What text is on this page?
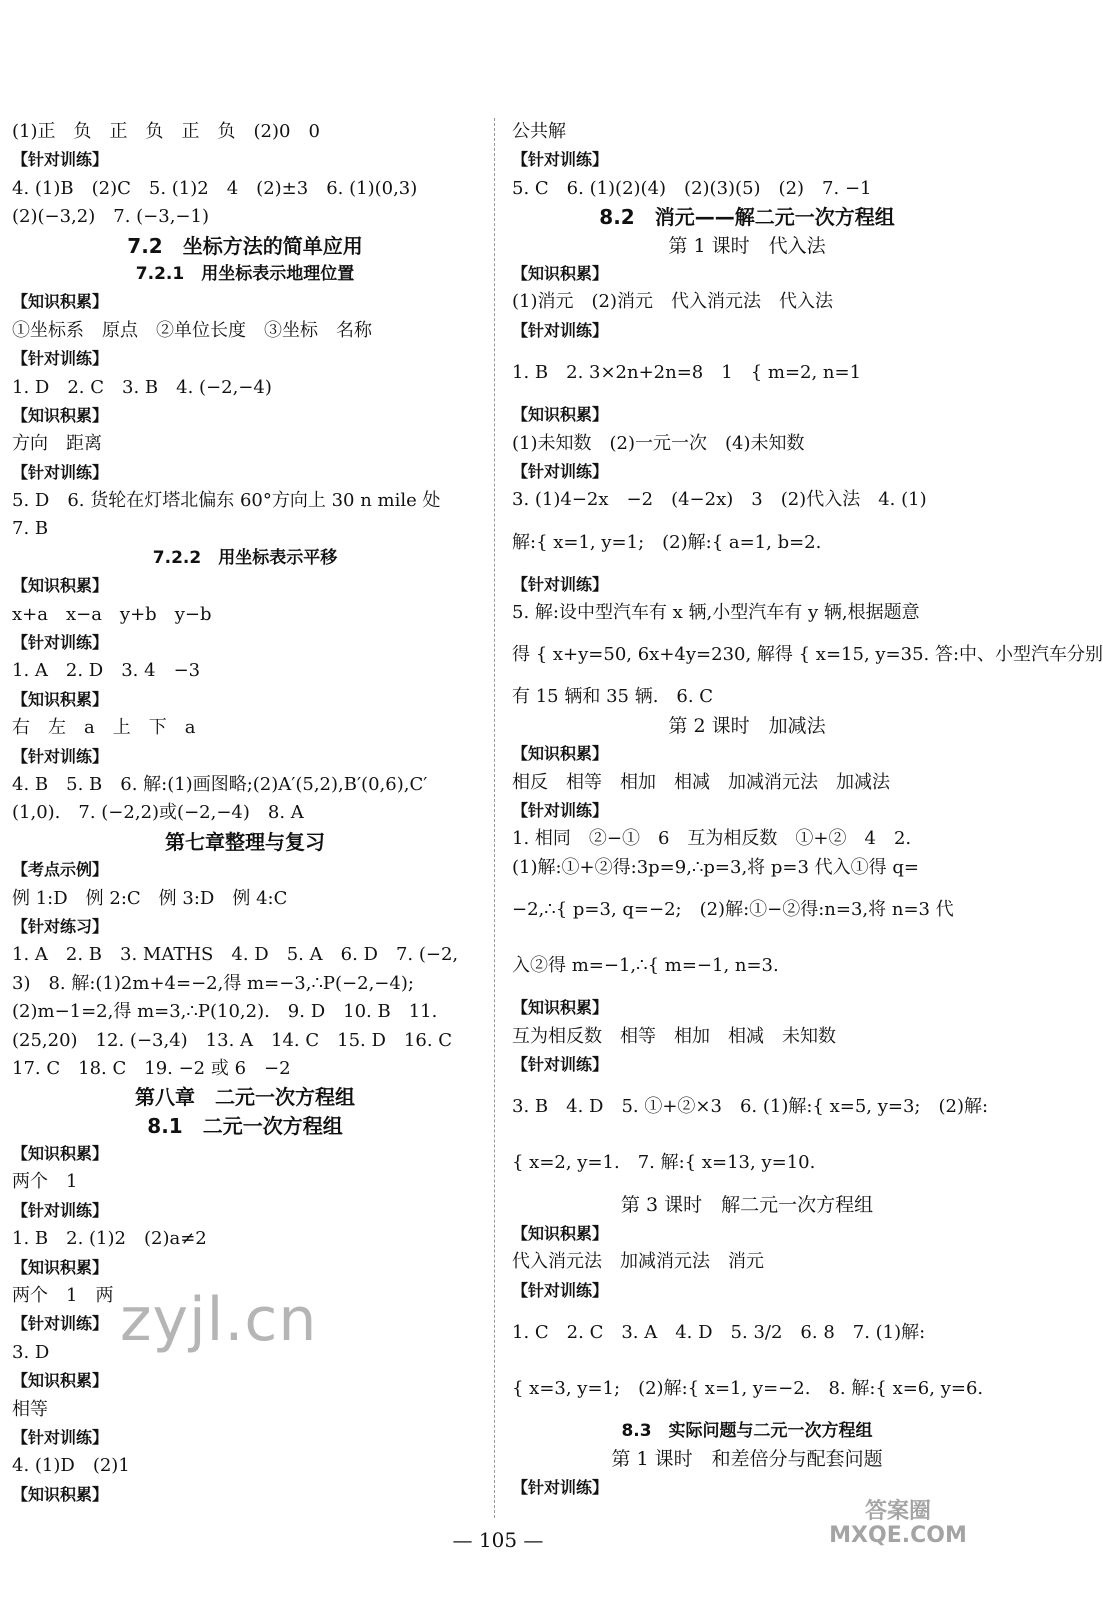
(1)正　负　正　负　正　负　(2)0　0
【针对训练】
4. (1)B　(2)C　5. (1)2　4　(2)±3　6. (1)(0,3)
(2)(−3,2)　7. (−3,−1)
7.2　坐标方法的简单应用
7.2.1　用坐标表示地理位置
【知识积累】
①坐标系　原点　②单位长度　③坐标　名称
【针对训练】
1. D　2. C　3. B　4. (−2,−4)
【知识积累】
方向　距离
【针对训练】
5. D　6. 货轮在灯塔北偏东 60°方向上 30 n mile 处
7. B
7.2.2　用坐标表示平移
【知识积累】
x+a　x−a　y+b　y−b
【针对训练】
1. A　2. D　3. 4　−3
【知识积累】
右　左　a　上　下　a
【针对训练】
4. B　5. B　6. 解:(1)画图略;(2)A′(5,2),B′(0,6),C′
(1,0).　7. (−2,2)或(−2,−4)　8. A
第七章整理与复习
【考点示例】
例 1:D　例 2:C　例 3:D　例 4:C
【针对练习】
1. A　2. B　3. MATHS　4. D　5. A　6. D　7. (−2,
3)　8. 解:(1)2m+4=−2,得 m=−3,∴P(−2,−4);
(2)m−1=2,得 m=3,∴P(10,2).　9. D　10. B　11.
(25,20)　12. (−3,4)　13. A　14. C　15. D　16. C
17. C　18. C　19. −2 或 6　−2
第八章　二元一次方程组
8.1　二元一次方程组
【知识积累】
两个　1
【针对训练】
1. B　2. (1)2　(2)a≠2
【知识积累】
两个　1　两
【针对训练】
3. D
【知识积累】
相等
【针对训练】
4. (1)D　(2)1
【知识积累】
公共解
【针对训练】
5. C　6. (1)(2)(4)　(2)(3)(5)　(2)　7. −1
8.2　消元——解二元一次方程组
第 1 课时　代入法
【知识积累】
(1)消元　(2)消元　代入消元法　代入法
【针对训练】
1. B　2. 3×2n+2n=8　1　{ m=2, n=1
【知识积累】
(1)未知数　(2)一元一次　(4)未知数
【针对训练】
3. (1)4−2x　−2　(4−2x)　3　(2)代入法　4. (1)
解:{ x=1, y=1;　(2)解:{ a=1, b=2.
【针对训练】
5. 解:设中型汽车有 x 辆,小型汽车有 y 辆,根据题意
得 { x+y=50, 6x+4y=230, 解得 { x=15, y=35. 答:中、小型汽车分别
有 15 辆和 35 辆.　6. C
第 2 课时　加减法
【知识积累】
相反　相等　相加　相减　加减消元法　加减法
【针对训练】
1. 相同　②−①　6　互为相反数　①+②　4　2.
(1)解:①+②得:3p=9,∴p=3,将 p=3 代入①得 q=
−2,∴{ p=3, q=−2;　(2)解:①−②得:n=3,将 n=3 代
入②得 m=−1,∴{ m=−1, n=3.
【知识积累】
互为相反数　相等　相加　相减　未知数
【针对训练】
3. B　4. D　5. ①+②×3　6. (1)解:{ x=5, y=3;　(2)解:
{ x=2, y=1.　7. 解:{ x=13, y=10.
第 3 课时　解二元一次方程组
【知识积累】
代入消元法　加减消元法　消元
【针对训练】
1. C　2. C　3. A　4. D　5. 3/2　6. 8　7. (1)解:
{ x=3, y=1;　(2)解:{ x=1, y=−2.　8. 解:{ x=6, y=6.
8.3　实际问题与二元一次方程组
第 1 课时　和差倍分与配套问题
【针对训练】
— 105 —
zyjl.cn
答案圈 MXQE.COM
